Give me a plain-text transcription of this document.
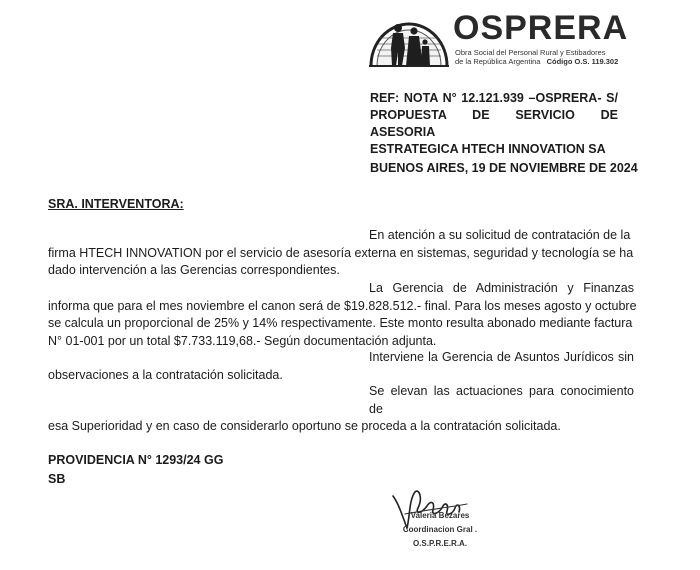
OSPRERA
Obra Social del Personal Rural y Estibadores
de la República Argentina Código O.S. 119.302
REF: NOTA N° 12.121.939 –OSPRERA- S/
PROPUESTA DE SERVICIO DE ASESORIA
ESTRATEGICA HTECH INNOVATION SA
BUENOS AIRES, 19 DE NOVIEMBRE DE 2024
SRA. INTERVENTORA:
En atención a su solicitud de contratación de la
firma HTECH INNOVATION por el servicio de asesoría externa en sistemas, seguridad y tecnología se ha
dado intervención a las Gerencias correspondientes.
La Gerencia de Administración y Finanzas
informa que para el mes noviembre el canon será de $19.828.512.- final. Para los meses agosto y octubre
se calcula un proporcional de 25% y 14% respectivamente. Este monto resulta abonado mediante factura
N° 01-001 por un total $7.733.119,68.- Según documentación adjunta.
Interviene la Gerencia de Asuntos Jurídicos sin
observaciones a la contratación solicitada.
Se elevan las actuaciones para conocimiento de
esa Superioridad y en caso de considerarlo oportuno se proceda a la contratación solicitada.
PROVIDENCIA N° 1293/24 GG
SB
Valeria Bezares
Coordinacion Gral .
O.S.P.R.E.R.A.
